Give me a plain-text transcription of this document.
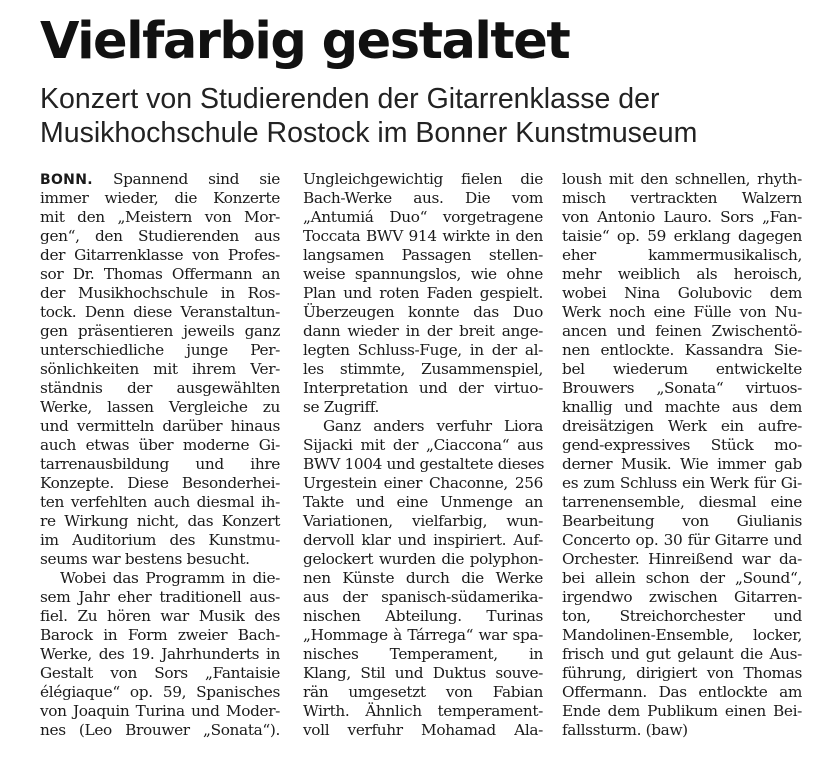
Vielfarbig gestaltet
Konzert von Studierenden der Gitarrenklasse der
Musikhochschule Rostock im Bonner Kunstmuseum
BONN. Spannend sind sie
immer wieder, die Konzerte
mit den „Meistern von Mor-
gen“, den Studierenden aus
der Gitarrenklasse von Profes-
sor Dr. Thomas Offermann an
der Musikhochschule in Ros-
tock. Denn diese Veranstaltun-
gen präsentieren jeweils ganz
unterschiedliche junge Per-
sönlichkeiten mit ihrem Ver-
ständnis der ausgewählten
Werke, lassen Vergleiche zu
und vermitteln darüber hinaus
auch etwas über moderne Gi-
tarrenausbildung und ihre
Konzepte. Diese Besonderhei-
ten verfehlten auch diesmal ih-
re Wirkung nicht, das Konzert
im Auditorium des Kunstmu-
seums war bestens besucht.
Wobei das Programm in die-
sem Jahr eher traditionell aus-
fiel. Zu hören war Musik des
Barock in Form zweier Bach-
Werke, des 19. Jahrhunderts in
Gestalt von Sors „Fantaisie
élégiaque“ op. 59, Spanisches
von Joaquin Turina und Moder-
nes (Leo Brouwer „Sonata“).
Ungleichgewichtig fielen die
Bach-Werke aus. Die vom
„Antumiá Duo“ vorgetragene
Toccata BWV 914 wirkte in den
langsamen Passagen stellen-
weise spannungslos, wie ohne
Plan und roten Faden gespielt.
Überzeugen konnte das Duo
dann wieder in der breit ange-
legten Schluss-Fuge, in der al-
les stimmte, Zusammenspiel,
Interpretation und der virtuo-
se Zugriff.
Ganz anders verfuhr Liora
Sijacki mit der „Ciaccona“ aus
BWV 1004 und gestaltete dieses
Urgestein einer Chaconne, 256
Takte und eine Unmenge an
Variationen, vielfarbig, wun-
dervoll klar und inspiriert. Auf-
gelockert wurden die polyphon-
nen Künste durch die Werke
aus der spanisch-südamerika-
nischen Abteilung. Turinas
„Hommage à Tárrega“ war spa-
nisches Temperament, in
Klang, Stil und Duktus souve-
rän umgesetzt von Fabian
Wirth. Ähnlich temperament-
voll verfuhr Mohamad Ala-
loush mit den schnellen, rhyth-
misch vertrackten Walzern
von Antonio Lauro. Sors „Fan-
taisie“ op. 59 erklang dagegen
eher kammermusikalisch,
mehr weiblich als heroisch,
wobei Nina Golubovic dem
Werk noch eine Fülle von Nu-
ancen und feinen Zwischentö-
nen entlockte. Kassandra Sie-
bel wiederum entwickelte
Brouwers „Sonata“ virtuos-
knallig und machte aus dem
dreisätzigen Werk ein aufre-
gend-expressives Stück mo-
derner Musik. Wie immer gab
es zum Schluss ein Werk für Gi-
tarrenensemble, diesmal eine
Bearbeitung von Giulianis
Concerto op. 30 für Gitarre und
Orchester. Hinreißend war da-
bei allein schon der „Sound“,
irgendwo zwischen Gitarren-
ton, Streichorchester und
Mandolinen-Ensemble, locker,
frisch und gut gelaunt die Aus-
führung, dirigiert von Thomas
Offermann. Das entlockte am
Ende dem Publikum einen Bei-
fallssturm. (baw)
